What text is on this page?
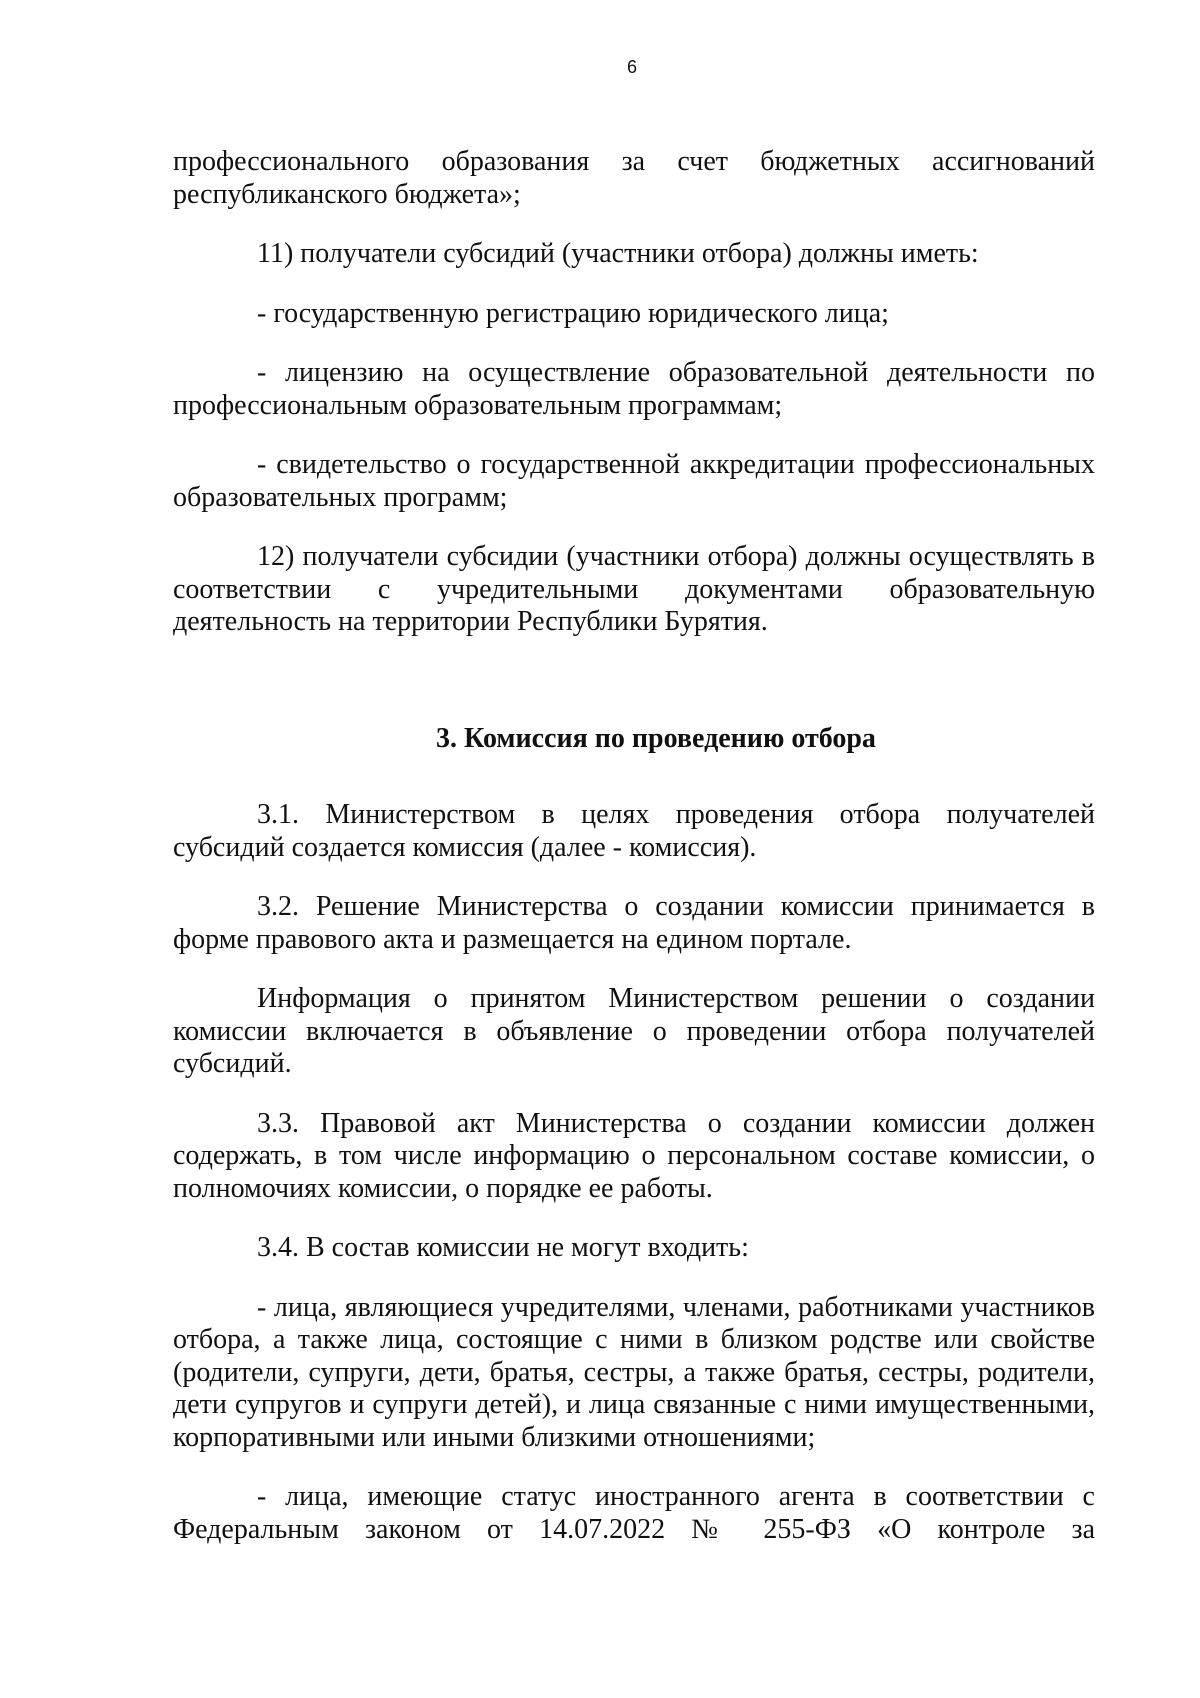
6

профессионального образования за счет бюджетных ассигнований республиканского бюджета»;

11) получатели субсидий (участники отбора) должны иметь:

- государственную регистрацию юридического лица;

- лицензию на осуществление образовательной деятельности по профессиональным образовательным программам;

- свидетельство о государственной аккредитации профессиональных образовательных программ;

12) получатели субсидии (участники отбора) должны осуществлять в соответствии с учредительными документами образовательную деятельность на территории Республики Бурятия.

3. Комиссия по проведению отбора

3.1. Министерством в целях проведения отбора получателей субсидий создается комиссия (далее - комиссия).

3.2. Решение Министерства о создании комиссии принимается в форме правового акта и размещается на едином портале.

Информация о принятом Министерством решении о создании комиссии включается в объявление о проведении отбора получателей субсидий.

3.3. Правовой акт Министерства о создании комиссии должен содержать, в том числе информацию о персональном составе комиссии, о полномочиях комиссии, о порядке ее работы.

3.4. В состав комиссии не могут входить:

- лица, являющиеся учредителями, членами, работниками участников отбора, а также лица, состоящие с ними в близком родстве или свойстве (родители, супруги, дети, братья, сестры, а также братья, сестры, родители, дети супругов и супруги детей), и лица связанные с ними имущественными, корпоративными или иными близкими отношениями;

- лица, имеющие статус иностранного агента в соответствии с Федеральным законом от 14.07.2022 № 255-ФЗ «О контроле за
